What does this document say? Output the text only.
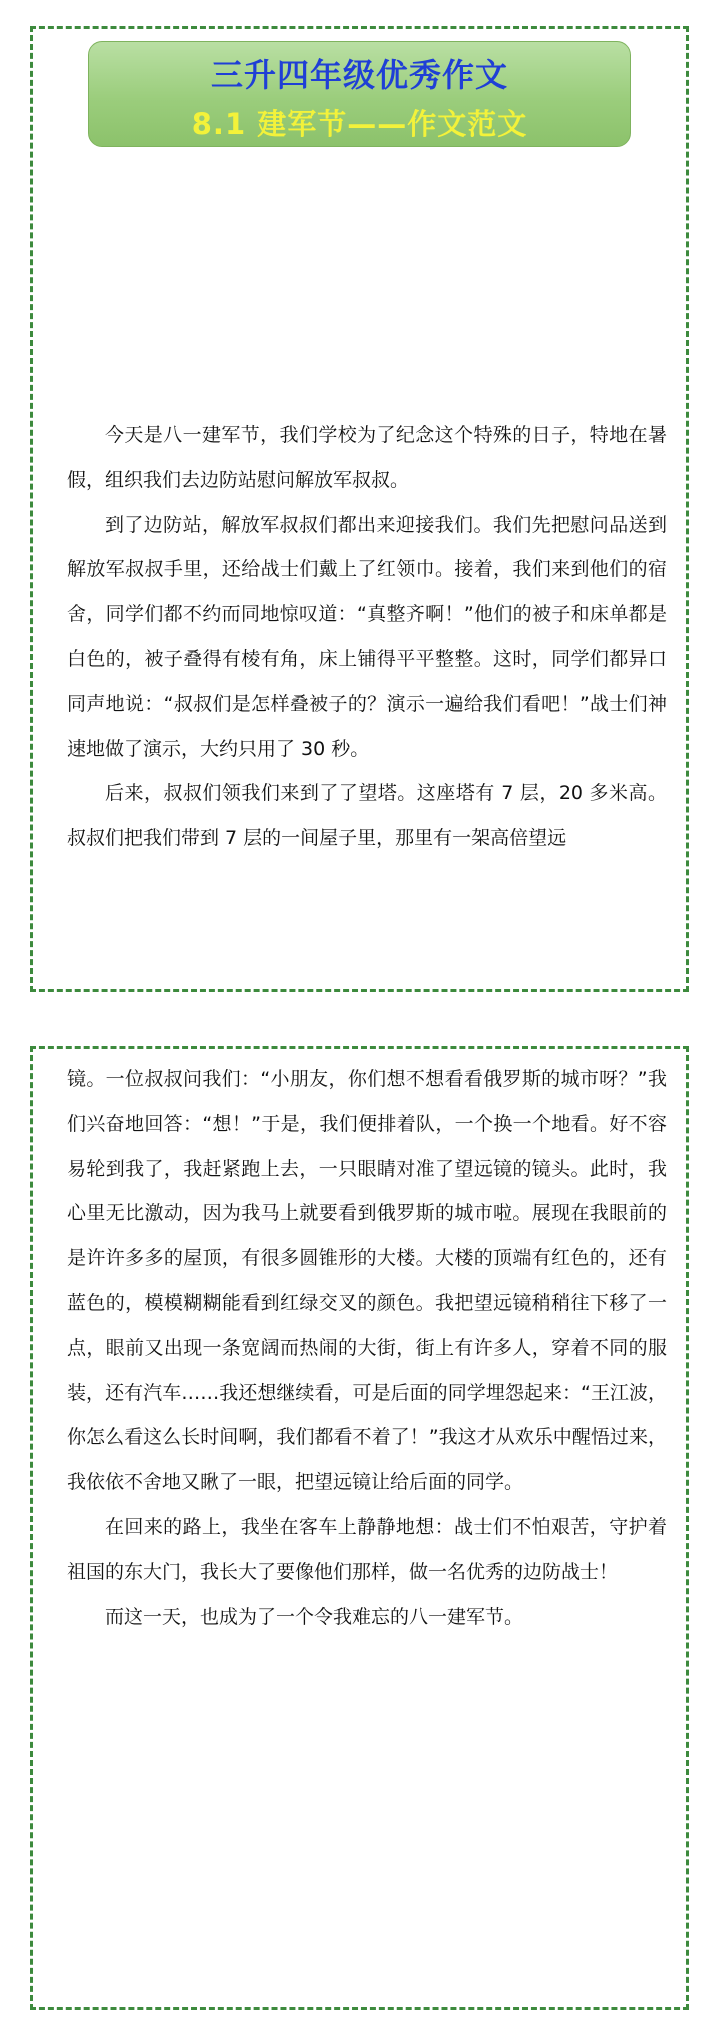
三升四年级优秀作文
8.1 建军节——作文范文

今天是八一建军节，我们学校为了纪念这个特殊的日子，特地在暑假，组织我们去边防站慰问解放军叔叔。

到了边防站，解放军叔叔们都出来迎接我们。我们先把慰问品送到解放军叔叔手里，还给战士们戴上了红领巾。接着，我们来到他们的宿舍，同学们都不约而同地惊叹道：“真整齐啊！”他们的被子和床单都是白色的，被子叠得有棱有角，床上铺得平平整整。这时，同学们都异口同声地说：“叔叔们是怎样叠被子的？演示一遍给我们看吧！”战士们神速地做了演示，大约只用了 30 秒。

后来，叔叔们领我们来到了了望塔。这座塔有 7 层，20 多米高。叔叔们把我们带到 7 层的一间屋子里，那里有一架高倍望远

镜。一位叔叔问我们：“小朋友，你们想不想看看俄罗斯的城市呀？”我们兴奋地回答：“想！”于是，我们便排着队，一个换一个地看。好不容易轮到我了，我赶紧跑上去，一只眼睛对准了望远镜的镜头。此时，我心里无比激动，因为我马上就要看到俄罗斯的城市啦。展现在我眼前的是许许多多的屋顶，有很多圆锥形的大楼。大楼的顶端有红色的，还有蓝色的，模模糊糊能看到红绿交叉的颜色。我把望远镜稍稍往下移了一点，眼前又出现一条宽阔而热闹的大街，街上有许多人，穿着不同的服装，还有汽车……我还想继续看，可是后面的同学埋怨起来：“王江波，你怎么看这么长时间啊，我们都看不着了！”我这才从欢乐中醒悟过来，我依依不舍地又瞅了一眼，把望远镜让给后面的同学。

在回来的路上，我坐在客车上静静地想：战士们不怕艰苦，守护着祖国的东大门，我长大了要像他们那样，做一名优秀的边防战士！

而这一天，也成为了一个令我难忘的八一建军节。
